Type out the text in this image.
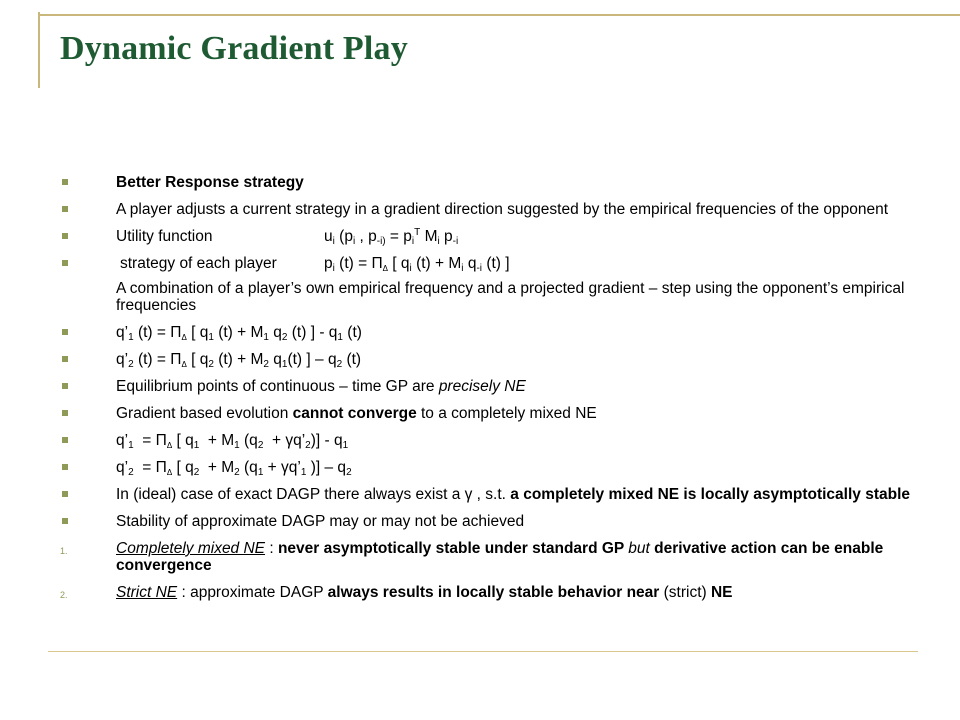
Dynamic Gradient Play
Better Response strategy
A player adjusts a current strategy in a gradient direction suggested by the empirical frequencies of the opponent
Utility function	$u_i$ ($p_i$ , $p_{-i)} = p_i^T$ $M_i$ $p_{-i}$
strategy of each player	$p_i$ $(t) = \Pi_\Delta$ [ $q_i$ $(t) + M_i$ $q_{-i}$ (t) ]
A combination of a player’s own empirical frequency and a projected gradient – step using the opponent’s empirical frequencies
$q’_1$ $(t) = \Pi_\Delta$ [ $q_1$ $(t) + M_1$ $q_2$ (t) ] - $q_1$ (t)
$q’_2$ $(t) = \Pi_\Delta$ [ $q_2$ $(t) + M_2$ $q_1(t)$ ] – $q_2$ (t)
Equilibrium points of continuous – time GP are precisely NE
Gradient based evolution cannot converge to a completely mixed NE
$q’_1 = \Pi_\Delta$ [ $q_1 + M_1$ ($q_2$  + $\gamma q’_2)] - q_1$
$q’_2 = \Pi_\Delta$ [ $q_2 + M_2$ ($q_1$ + $\gamma q’_1$ )] – $q_2$
In (ideal) case of exact DAGP there always exist a γ , s.t. a completely mixed NE is locally asymptotically stable
Stability of approximate DAGP may or may not be achieved
1.	Completely mixed NE : never asymptotically stable under standard GP but derivative action can be enable convergence
2.	Strict NE : approximate DAGP always results in locally stable behavior near (strict) NE
